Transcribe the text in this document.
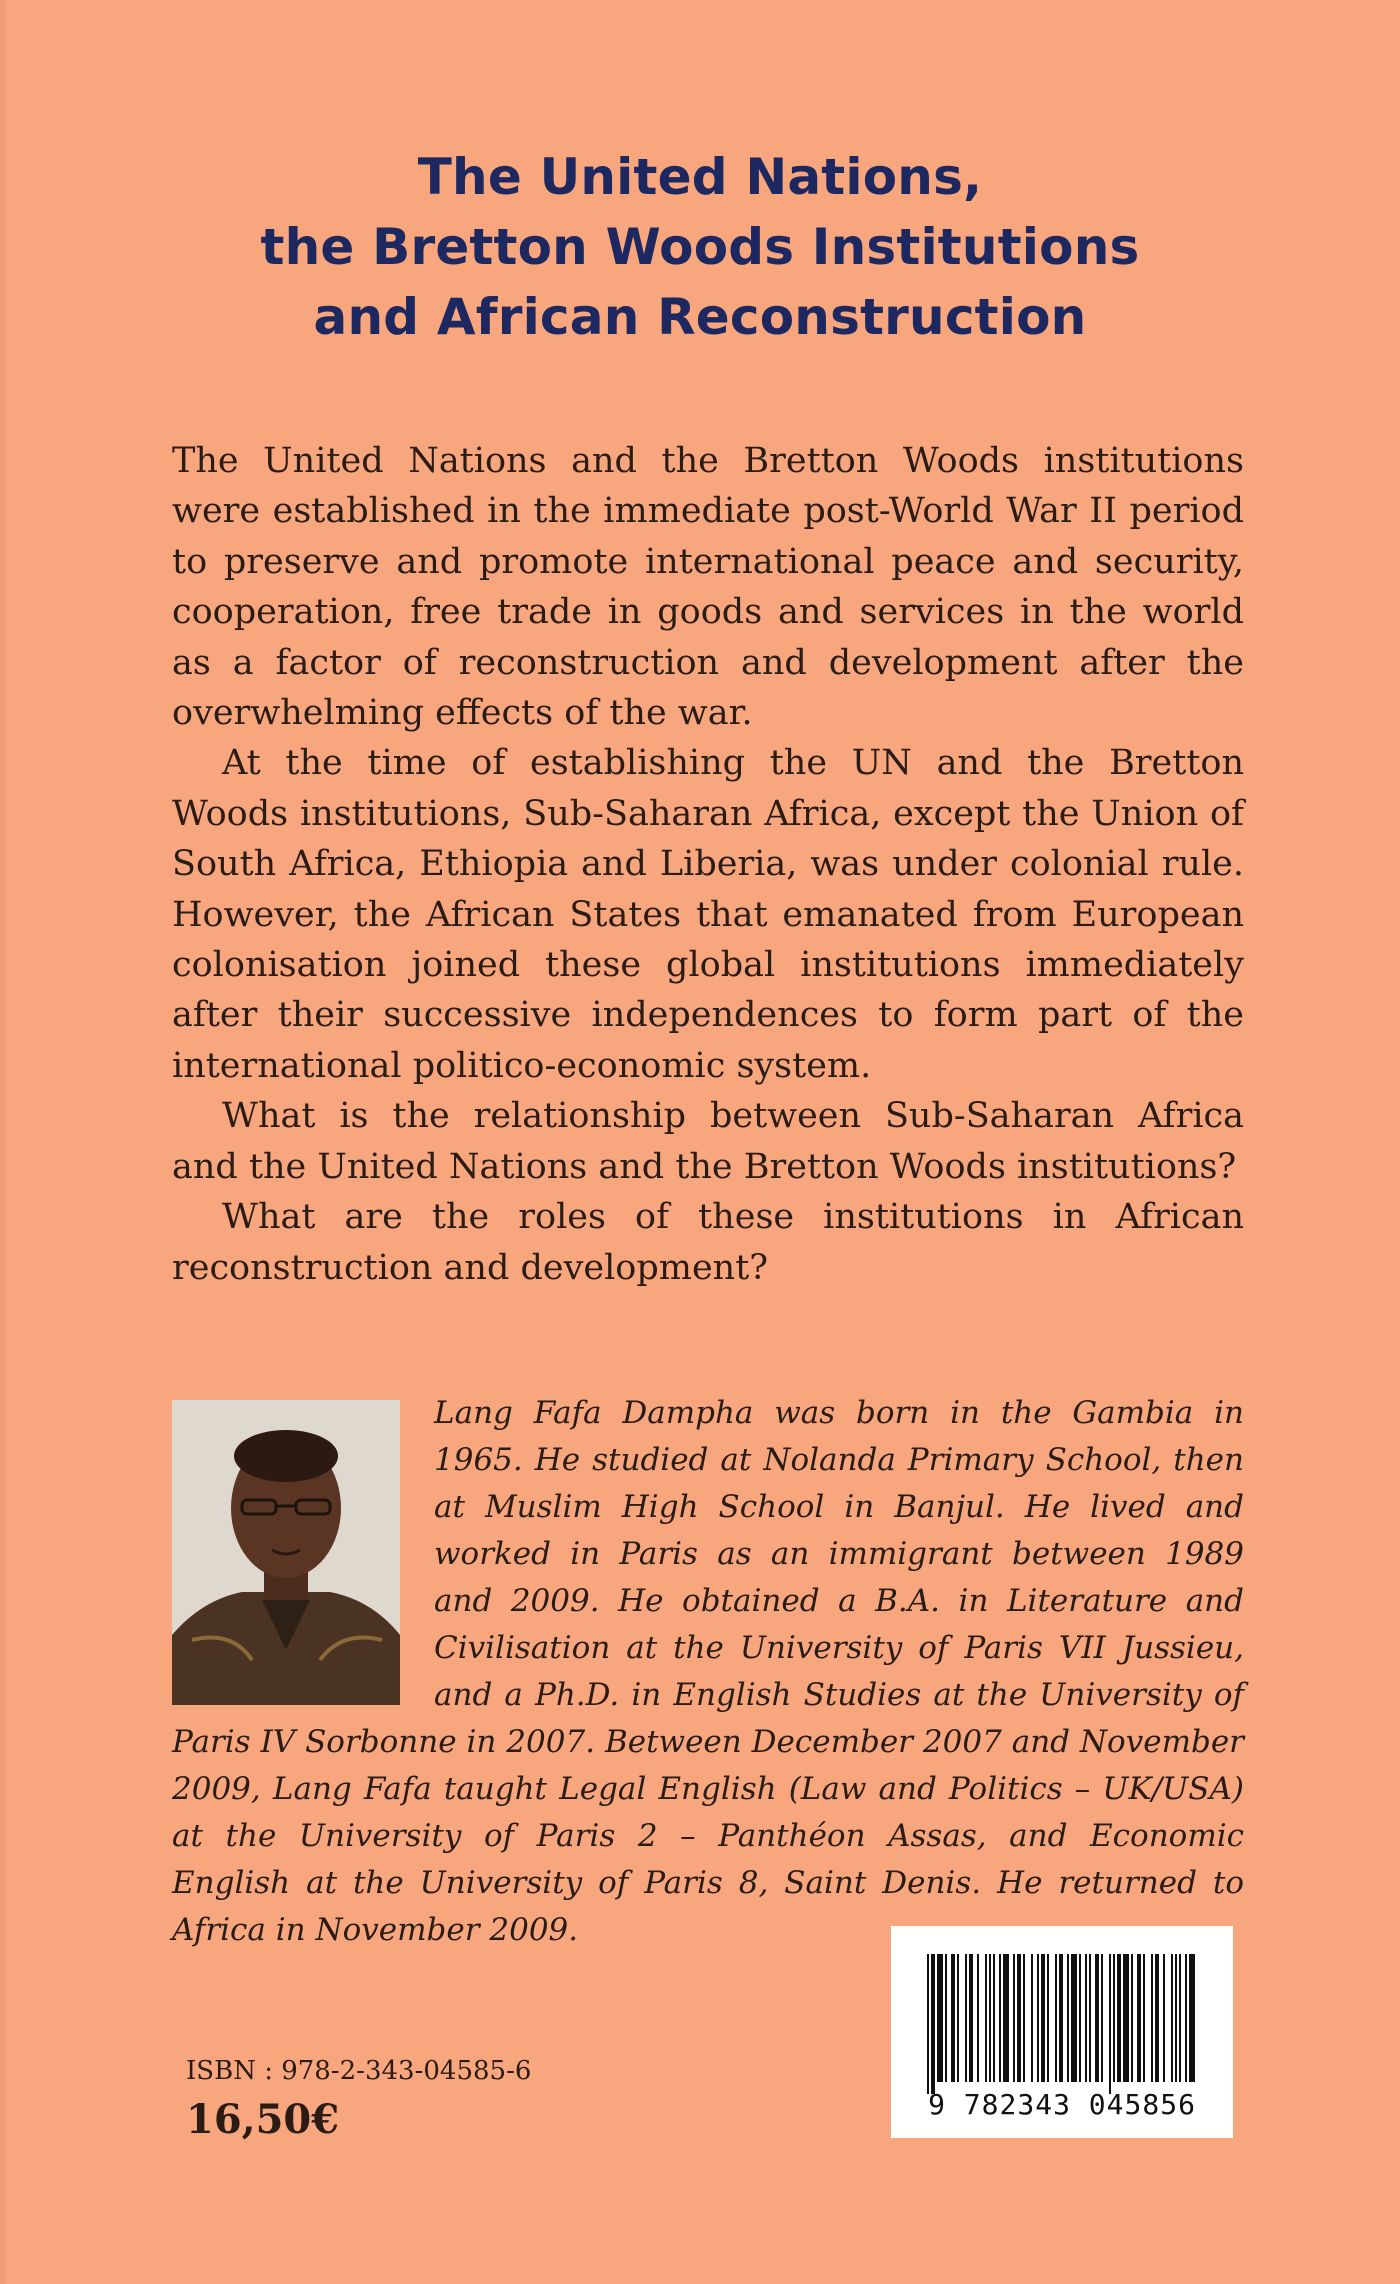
The United Nations,
the Bretton Woods Institutions
and African Reconstruction

The United Nations and the Bretton Woods institutions were established in the immediate post-World War II period to preserve and promote international peace and security, cooperation, free trade in goods and services in the world as a factor of reconstruction and development after the overwhelming effects of the war.

At the time of establishing the UN and the Bretton Woods institutions, Sub-Saharan Africa, except the Union of South Africa, Ethiopia and Liberia, was under colonial rule. However, the African States that emanated from European colonisation joined these global institutions immediately after their successive independences to form part of the international politico-economic system.

What is the relationship between Sub-Saharan Africa and the United Nations and the Bretton Woods institutions?

What are the roles of these institutions in African reconstruction and development?

Lang Fafa Dampha was born in the Gambia in 1965. He studied at Nolanda Primary School, then at Muslim High School in Banjul. He lived and worked in Paris as an immigrant between 1989 and 2009. He obtained a B.A. in Literature and Civilisation at the University of Paris VII Jussieu, and a Ph.D. in English Studies at the University of Paris IV Sorbonne in 2007. Between December 2007 and November 2009, Lang Fafa taught Legal English (Law and Politics – UK/USA) at the University of Paris 2 – Panthéon Assas, and Economic English at the University of Paris 8, Saint Denis. He returned to Africa in November 2009.
9 782343 045856
ISBN : 978-2-343-04585-6
16,50€
